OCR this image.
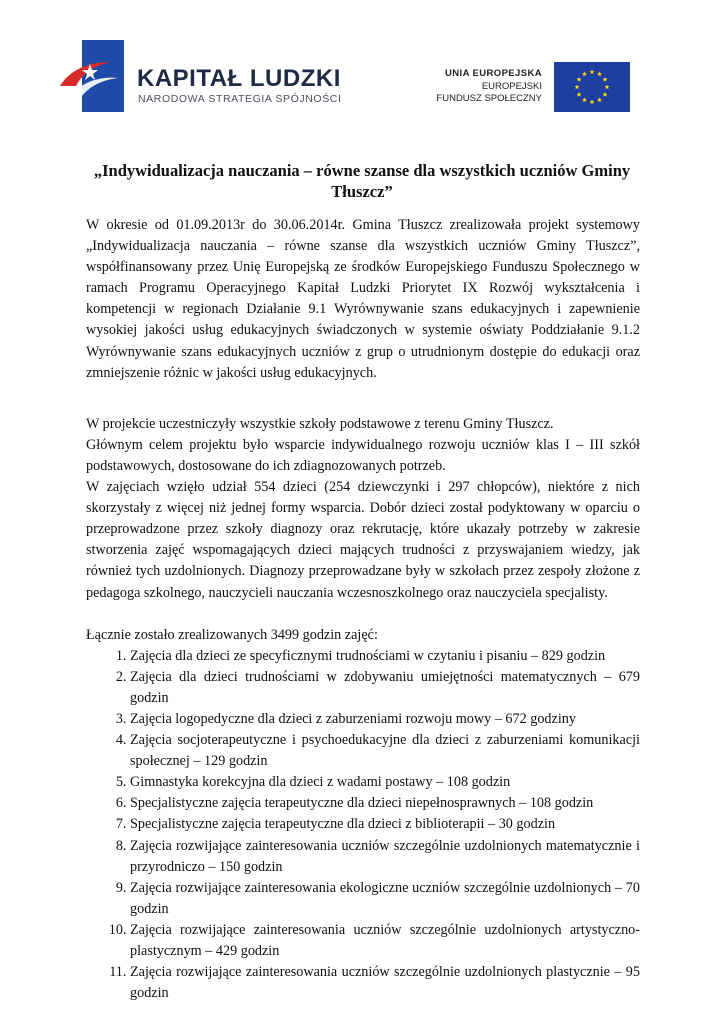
KAPITAŁ LUDZKI
NARODOWA STRATEGIA SPÓJNOŚCI
UNIA EUROPEJSKA
EUROPEJSKI
FUNDUSZ SPOŁECZNY
„Indywidualizacja nauczania – równe szanse dla wszystkich uczniów Gminy Tłuszcz”

W okresie od 01.09.2013r do 30.06.2014r. Gmina Tłuszcz zrealizowała projekt systemowy „Indywidualizacja nauczania – równe szanse dla wszystkich uczniów Gminy Tłuszcz”, współfinansowany przez Unię Europejską ze środków Europejskiego Funduszu Społecznego w ramach Programu Operacyjnego Kapitał Ludzki Priorytet IX Rozwój wykształcenia i kompetencji w regionach Działanie 9.1 Wyrównywanie szans edukacyjnych i zapewnienie wysokiej jakości usług edukacyjnych świadczonych w systemie oświaty Poddziałanie 9.1.2 Wyrównywanie szans edukacyjnych uczniów z grup o utrudnionym dostępie do edukacji oraz zmniejszenie różnic w jakości usług edukacyjnych.

W projekcie uczestniczyły wszystkie szkoły podstawowe z terenu Gminy Tłuszcz.

Głównym celem projektu było wsparcie indywidualnego rozwoju uczniów klas I – III szkół podstawowych, dostosowane do ich zdiagnozowanych potrzeb.

W zajęciach wzięło udział 554 dzieci (254 dziewczynki i 297 chłopców), niektóre z nich skorzystały z więcej niż jednej formy wsparcia. Dobór dzieci został podyktowany w oparciu o przeprowadzone przez szkoły diagnozy oraz rekrutację, które ukazały potrzeby w zakresie stworzenia zajęć wspomagających dzieci mających trudności z przyswajaniem wiedzy, jak również tych uzdolnionych. Diagnozy przeprowadzane były w szkołach przez zespoły złożone z pedagoga szkolnego, nauczycieli nauczania wczesnoszkolnego oraz nauczyciela specjalisty.

Łącznie zostało zrealizowanych 3499 godzin zajęć:

1. Zajęcia dla dzieci ze specyficznymi trudnościami w czytaniu i pisaniu – 829 godzin
2. Zajęcia dla dzieci trudnościami w zdobywaniu umiejętności matematycznych – 679 godzin
3. Zajęcia logopedyczne dla dzieci z zaburzeniami rozwoju mowy – 672 godziny
4. Zajęcia socjoterapeutyczne i psychoedukacyjne dla dzieci z zaburzeniami komunikacji społecznej – 129 godzin
5. Gimnastyka korekcyjna dla dzieci z wadami postawy – 108 godzin
6. Specjalistyczne zajęcia terapeutyczne dla dzieci niepełnosprawnych – 108 godzin
7. Specjalistyczne zajęcia terapeutyczne dla dzieci z biblioterapii – 30 godzin
8. Zajęcia rozwijające zainteresowania uczniów szczególnie uzdolnionych matematycznie i przyrodniczo – 150 godzin
9. Zajęcia rozwijające zainteresowania ekologiczne uczniów szczególnie uzdolnionych – 70 godzin
10. Zajęcia rozwijające zainteresowania uczniów szczególnie uzdolnionych artystyczno-plastycznym – 429 godzin
11. Zajęcia rozwijające zainteresowania uczniów szczególnie uzdolnionych plastycznie – 95 godzin
